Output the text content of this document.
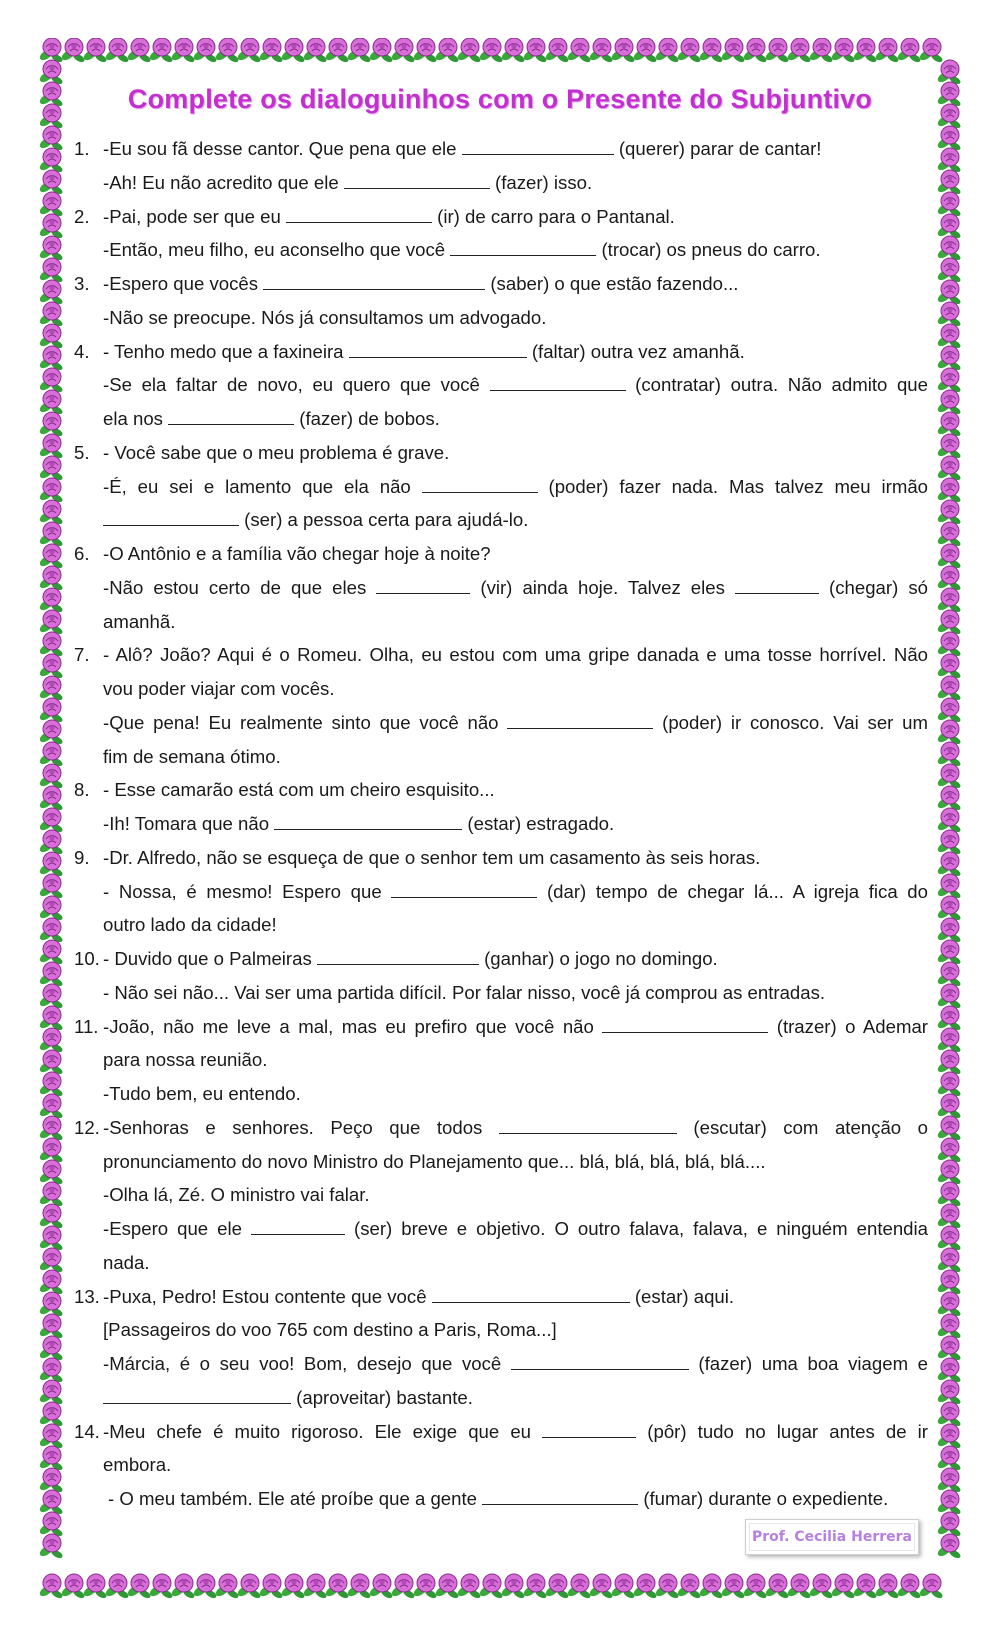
Complete os dialoguinhos com o Presente do Subjuntivo
1. -Eu sou fã desse cantor. Que pena que ele	(querer) parar de cantar!
-Ah! Eu não acredito que ele	(fazer) isso.
2. -Pai, pode ser que eu	(ir) de carro para o Pantanal.
-Então, meu filho, eu aconselho que você	(trocar) os pneus do carro.
3. -Espero que vocês	(saber) o que estão fazendo...
-Não se preocupe. Nós já consultamos um advogado.
4. - Tenho medo que a faxineira	(faltar) outra vez amanhã.
-Se ela faltar de novo, eu quero que você	(contratar) outra. Não admito que
ela nos	(fazer) de bobos.
5. - Você sabe que o meu problema é grave.
-É, eu sei e lamento que ela não	(poder) fazer nada. Mas talvez meu irmão
(ser) a pessoa certa para ajudá-lo.
6. -O Antônio e a família vão chegar hoje à noite?
-Não estou certo de que eles	(vir) ainda hoje. Talvez eles	(chegar) só
amanhã.
7. - Alô? João? Aqui é o Romeu. Olha, eu estou com uma gripe danada e uma tosse horrível. Não
vou poder viajar com vocês.
-Que pena! Eu realmente sinto que você não	(poder) ir conosco. Vai ser um
fim de semana ótimo.
8. - Esse camarão está com um cheiro esquisito...
-Ih! Tomara que não	(estar) estragado.
9. -Dr. Alfredo, não se esqueça de que o senhor tem um casamento às seis horas.
- Nossa, é mesmo! Espero que	(dar) tempo de chegar lá... A igreja fica do
outro lado da cidade!
10. - Duvido que o Palmeiras	(ganhar) o jogo no domingo.
- Não sei não... Vai ser uma partida difícil. Por falar nisso, você já comprou as entradas.
11. -João, não me leve a mal, mas eu prefiro que você não	(trazer) o Ademar
para nossa reunião.
-Tudo bem, eu entendo.
12. -Senhoras e senhores. Peço que todos	(escutar) com atenção o
pronunciamento do novo Ministro do Planejamento que... blá, blá, blá, blá, blá....
-Olha lá, Zé. O ministro vai falar.
-Espero que ele	(ser) breve e objetivo. O outro falava, falava, e ninguém entendia
nada.
13. -Puxa, Pedro! Estou contente que você	(estar) aqui.
[Passageiros do voo 765 com destino a Paris, Roma...]
-Márcia, é o seu voo! Bom, desejo que você	(fazer) uma boa viagem e
(aproveitar) bastante.
14. -Meu chefe é muito rigoroso. Ele exige que eu	(pôr) tudo no lugar antes de ir
embora.
- O meu também. Ele até proíbe que a gente	(fumar) durante o expediente.
Prof. Cecilia Herrera
